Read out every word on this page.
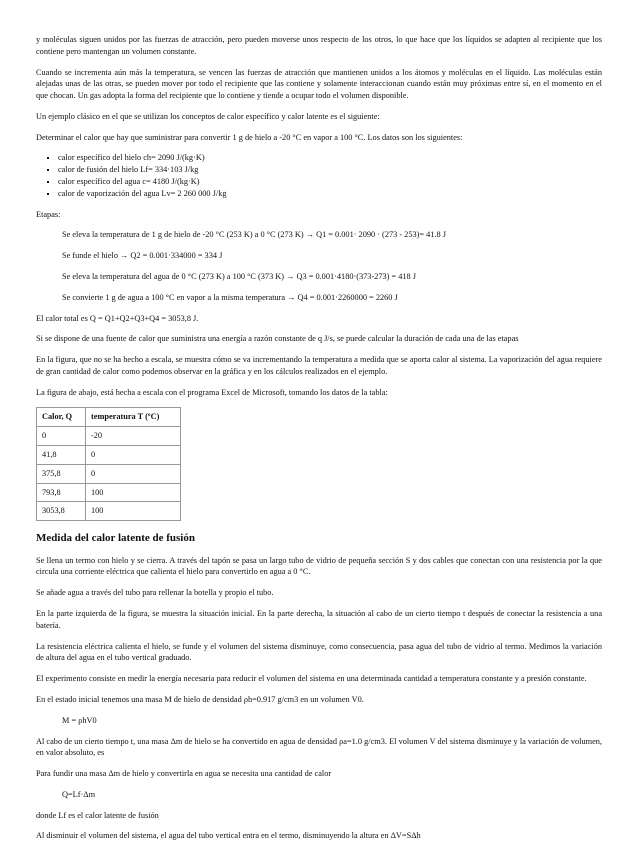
y moléculas siguen unidos por las fuerzas de atracción, pero pueden moverse unos respecto de los otros, lo que hace que los líquidos se adapten al recipiente que los contiene pero mantengan un volumen constante.

Cuando se incrementa aún más la temperatura, se vencen las fuerzas de atracción que mantienen unidos a los átomos y moléculas en el líquido. Las moléculas están alejadas unas de las otras, se pueden mover por todo el recipiente que las contiene y solamente interaccionan cuando están muy próximas entre sí, en el momento en el que chocan. Un gas adopta la forma del recipiente que lo contiene y tiende a ocupar todo el volumen disponible.

Un ejemplo clásico en el que se utilizan los conceptos de calor específico y calor latente es el siguiente:

Determinar el calor que hay que suministrar para convertir 1 g de hielo a -20 °C en vapor a 100 °C. Los datos son los siguientes:

▪ calor específico del hielo ch= 2090 J/(kg·K)
▪ calor de fusión del hielo Lf= 334·103 J/kg
▪ calor específico del agua c= 4180 J/(kg·K)
▪ calor de vaporización del agua Lv= 2 260 000 J/kg

Etapas:

Se eleva la temperatura de 1 g de hielo de -20 °C (253 K) a 0 °C (273 K) → Q1 = 0.001· 2090 · (273 - 253)= 41.8 J

Se funde el hielo → Q2 = 0.001·334000 = 334 J

Se eleva la temperatura del agua de 0 °C (273 K) a 100 °C (373 K) → Q3 = 0.001·4180·(373-273) = 418 J

Se convierte 1 g de agua a 100 °C en vapor a la misma temperatura → Q4 = 0.001·2260000 = 2260 J

El calor total es Q = Q1+Q2+Q3+Q4 = 3053,8 J.

Si se dispone de una fuente de calor que suministra una energía a razón constante de q J/s, se puede calcular la duración de cada una de las etapas

En la figura, que no se ha hecho a escala, se muestra cómo se va incrementando la temperatura a medida que se aporta calor al sistema. La vaporización del agua requiere de gran cantidad de calor como podemos observar en la gráfica y en los cálculos realizados en el ejemplo.

La figura de abajo, está hecha a escala con el programa Excel de Microsoft, tomando los datos de la tabla:

Calor, Q	temperatura T (ºC)
0	-20
41,8	0
375,8	0
793,8	100
3053,8	100
Medida del calor latente de fusión

Se llena un termo con hielo y se cierra. A través del tapón se pasa un largo tubo de vidrio de pequeña sección S y dos cables que conectan con una resistencia por la que circula una corriente eléctrica que calienta el hielo para convertirlo en agua a 0 °C.

Se añade agua a través del tubo para rellenar la botella y propio el tubo.

En la parte izquierda de la figura, se muestra la situación inicial. En la parte derecha, la situación al cabo de un cierto tiempo t después de conectar la resistencia a una batería.

La resistencia eléctrica calienta el hielo, se funde y el volumen del sistema disminuye, como consecuencia, pasa agua del tubo de vidrio al termo. Medimos la variación de altura del agua en el tubo vertical graduado.

El experimento consiste en medir la energía necesaria para reducir el volumen del sistema en una determinada cantidad a temperatura constante y a presión constante.

En el estado inicial tenemos una masa M de hielo de densidad ρh=0.917 g/cm3 en un volumen V0.

M = ρhV0

Al cabo de un cierto tiempo t, una masa Δm de hielo se ha convertido en agua de densidad ρa=1.0 g/cm3. El volumen V del sistema disminuye y la variación de volumen, en valor absoluto, es

Para fundir una masa Δm de hielo y convertirla en agua se necesita una cantidad de calor

Q=Lf·Δm

donde Lf es el calor latente de fusión

Al disminuir el volumen del sistema, el agua del tubo vertical entra en el termo, disminuyendo la altura en ΔV=SΔh
